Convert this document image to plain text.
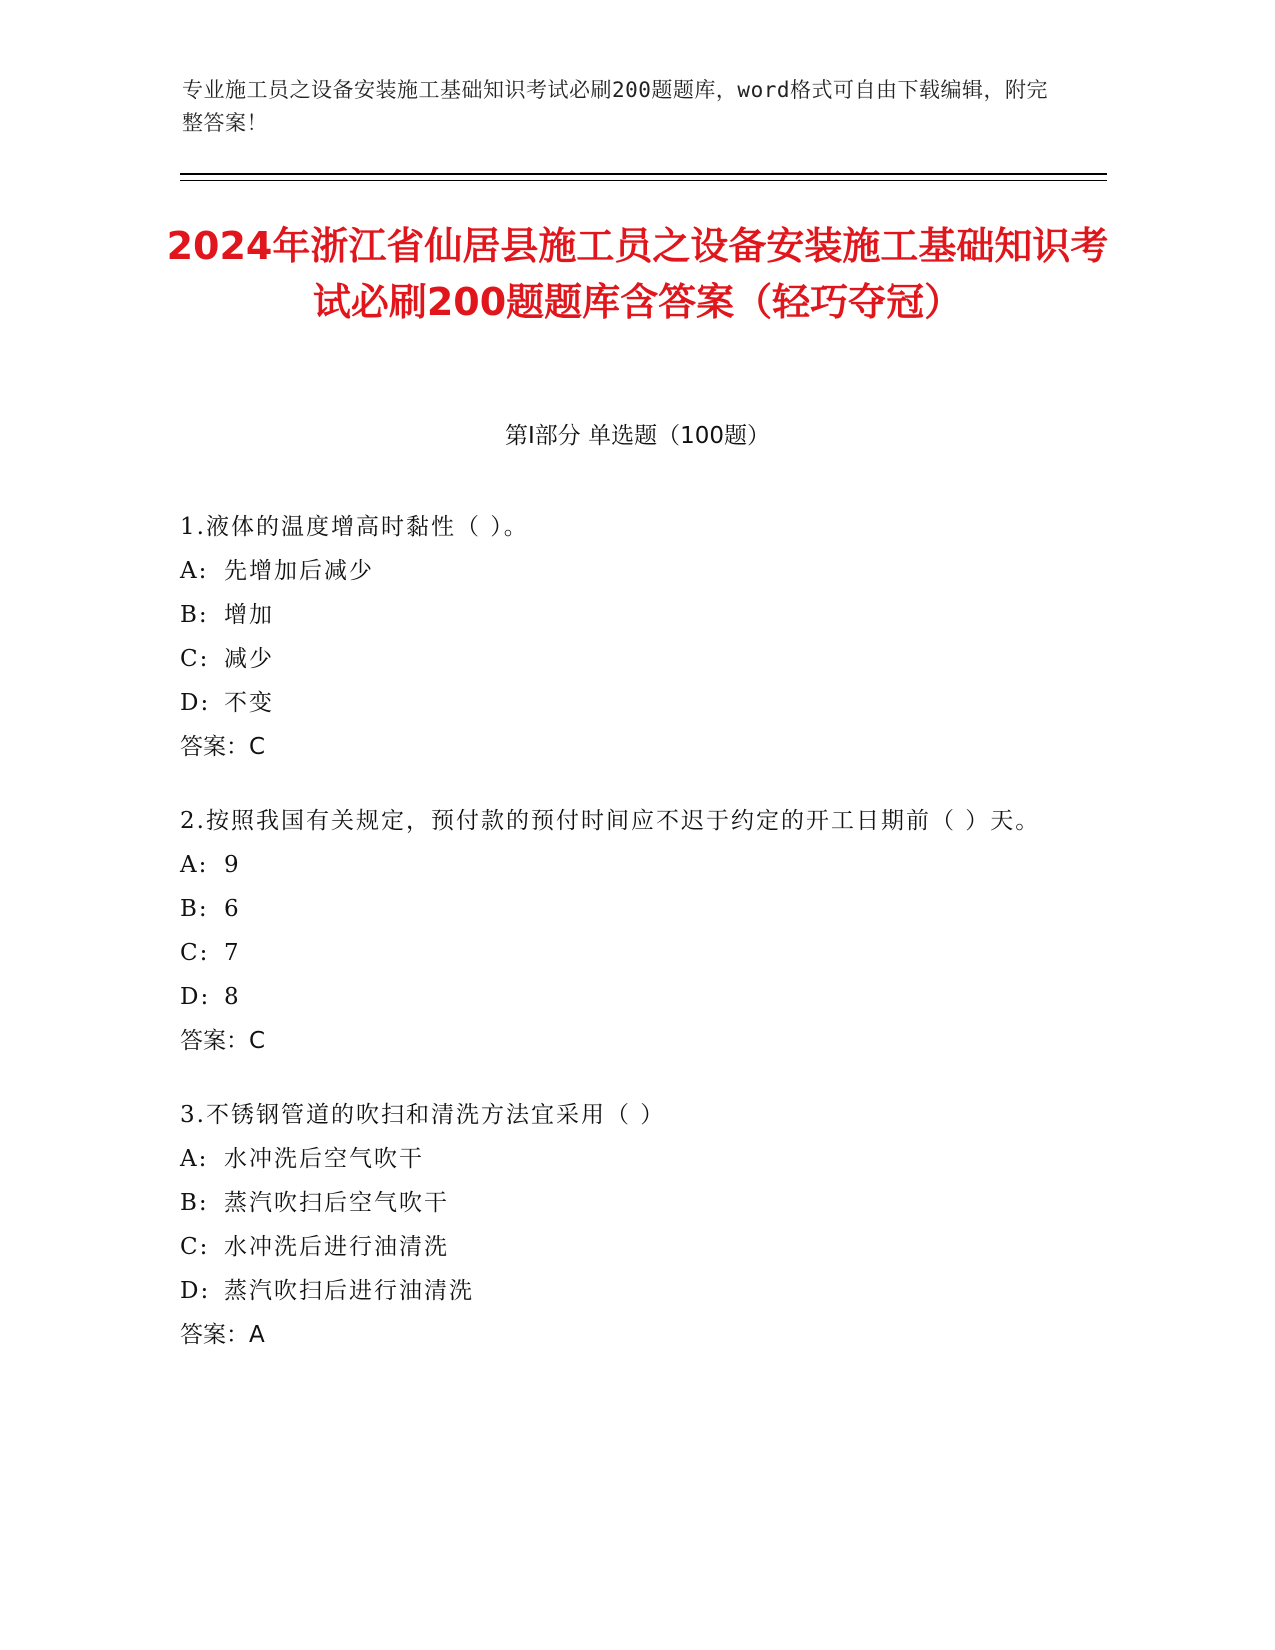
专业施工员之设备安装施工基础知识考试必刷200题题库，word格式可自由下载编辑，附完整答案！
2024年浙江省仙居县施工员之设备安装施工基础知识考试必刷200题题库含答案（轻巧夺冠）
第Ⅰ部分 单选题（100题）
1.液体的温度增高时黏性（ ）。
A: 先增加后减少
B: 增加
C: 减少
D: 不变
答案：C
2.按照我国有关规定，预付款的预付时间应不迟于约定的开工日期前（ ）天。
A: 9
B: 6
C: 7
D: 8
答案：C
3.不锈钢管道的吹扫和清洗方法宜采用（ ）
A: 水冲洗后空气吹干
B: 蒸汽吹扫后空气吹干
C: 水冲洗后进行油清洗
D: 蒸汽吹扫后进行油清洗
答案：A
